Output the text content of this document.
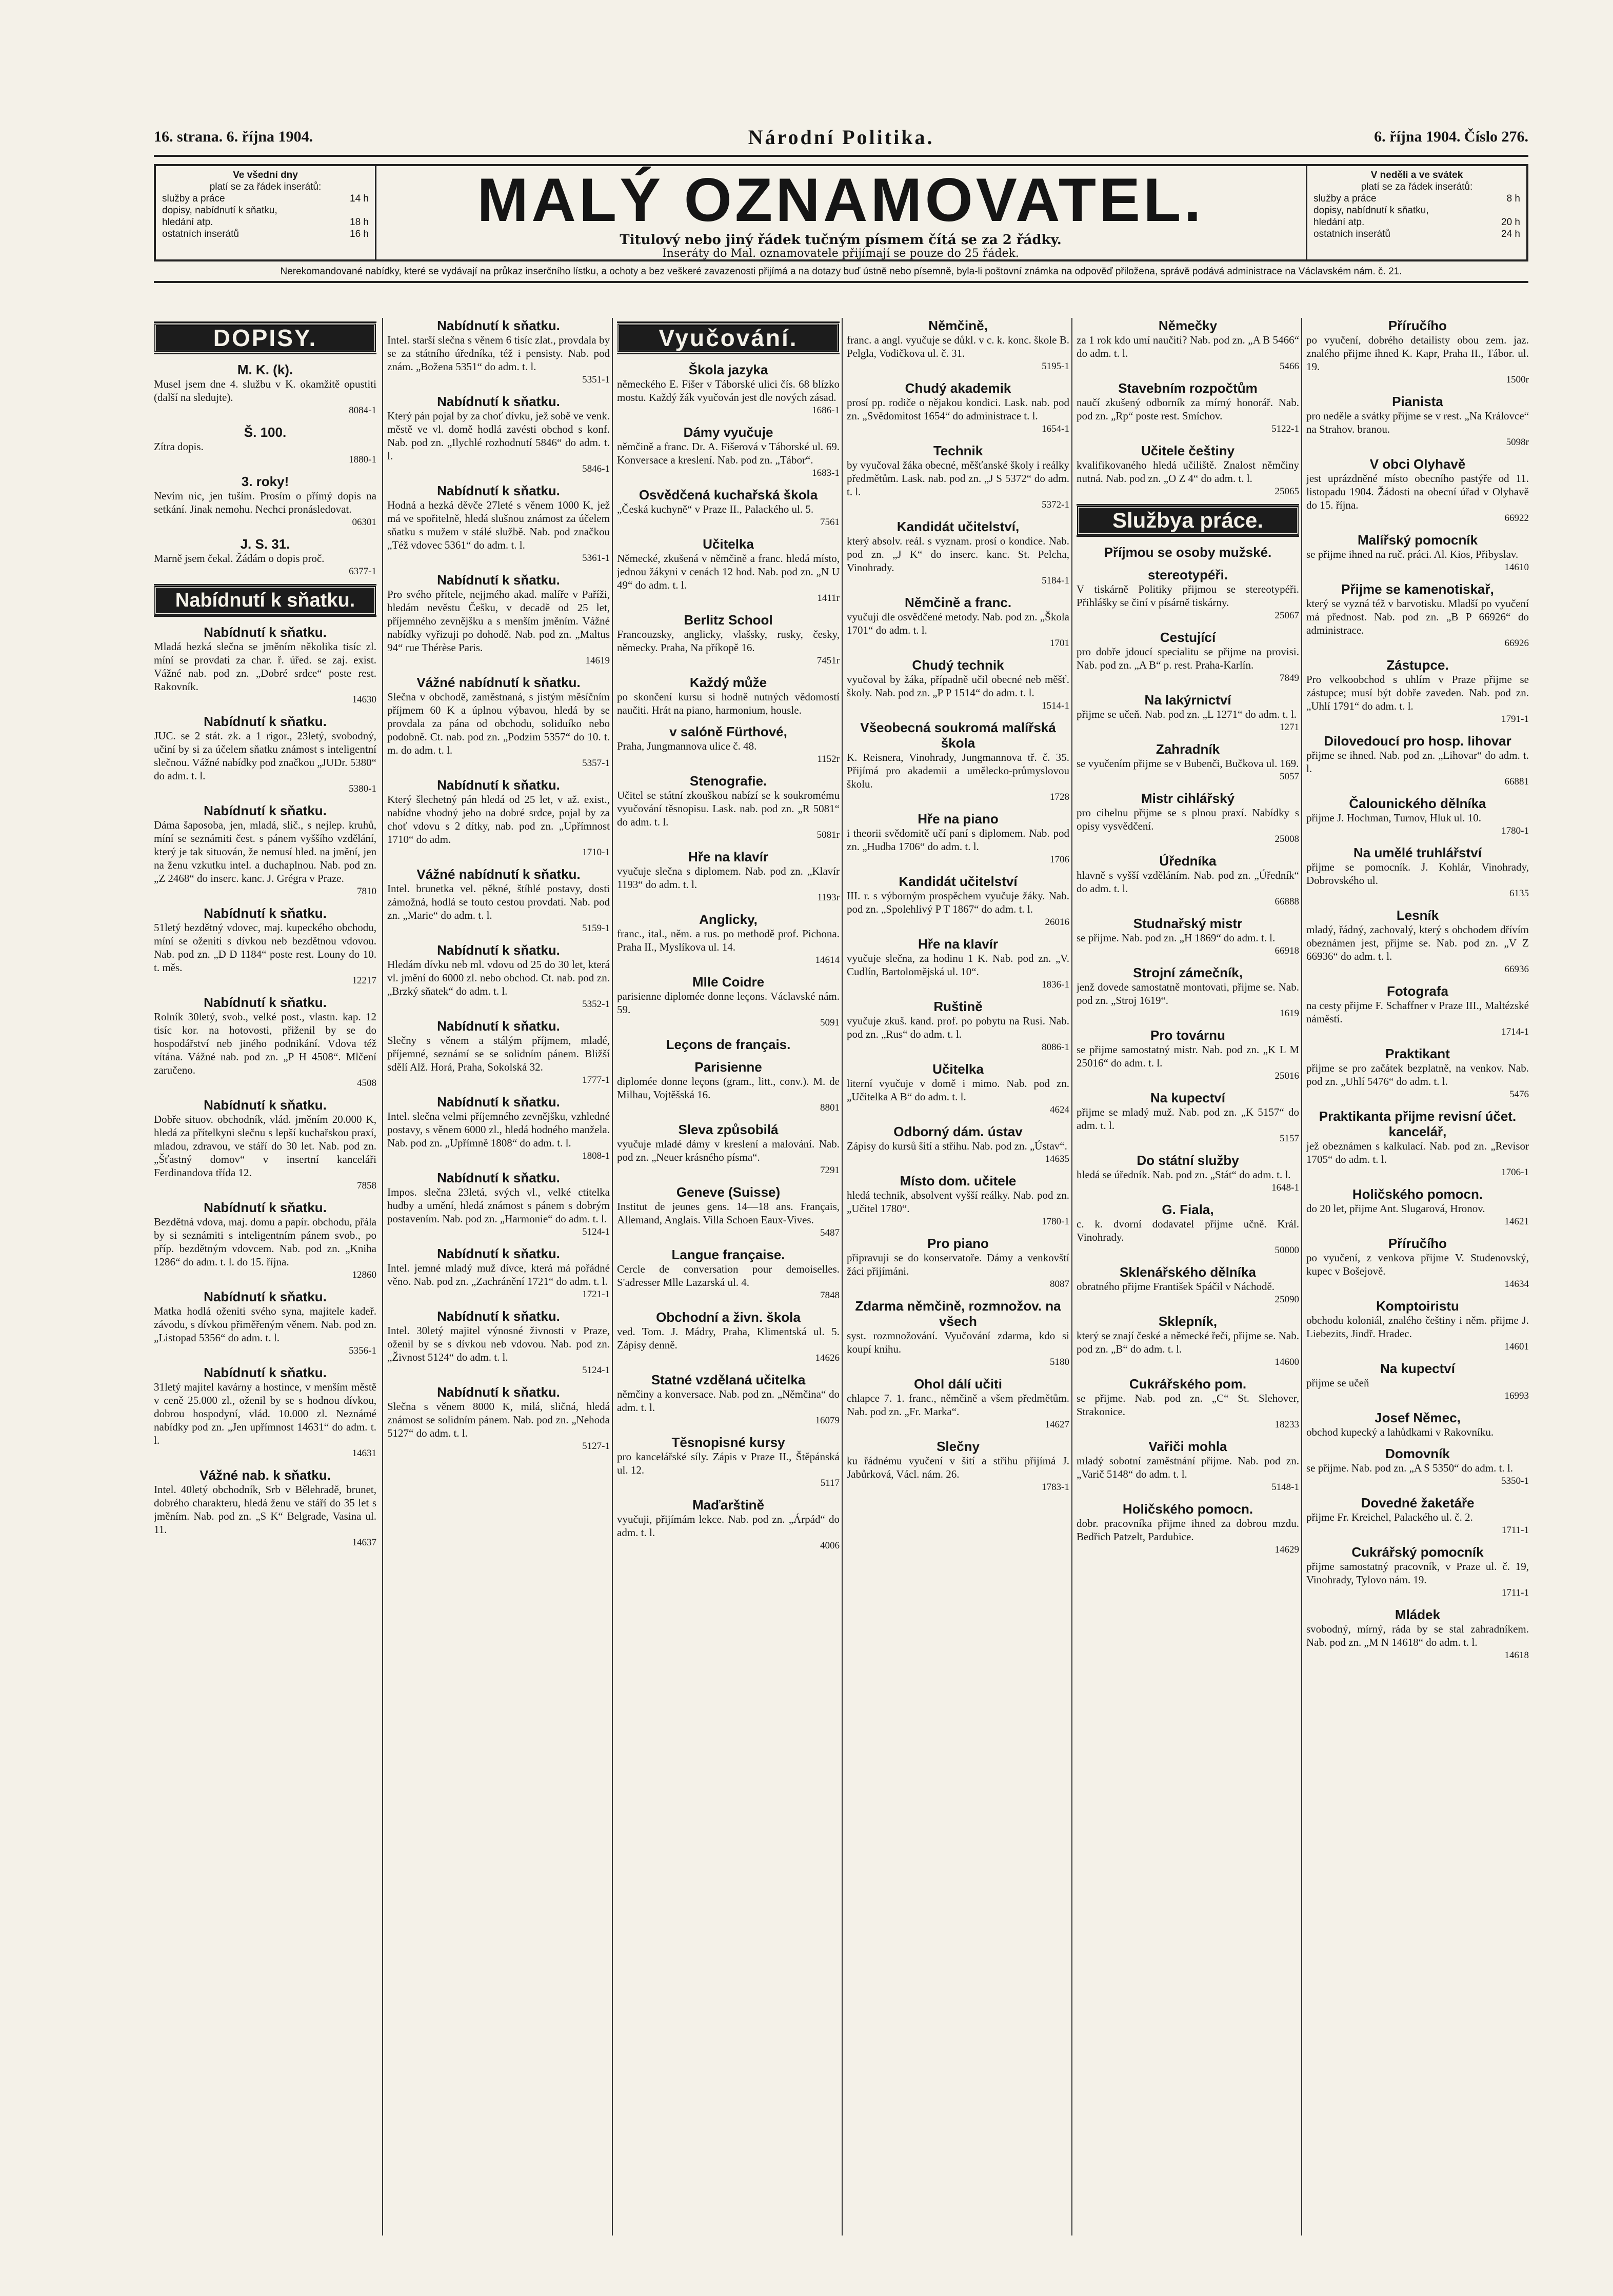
16. strana. 6. října 1904.	Národní Politika.	6. října 1904. Číslo 276.
Ve všední dny
platí se za řádek inserátů:
služby a práce	14 h
dopisy, nabídnutí k sňatku,
hledání atp.	18 h
ostatních inserátů	16 h	MALÝ OZNAMOVATEL.
Titulový nebo jiný řádek tučným písmem čítá se za 2 řádky.
Inseráty do Mal. oznamovatele přijímají se pouze do 25 řádek.
V neděli a ve svátek
platí se za řádek inserátů:
služby a práce	8 h
dopisy, nabídnutí k sňatku,
hledání atp.	20 h
ostatních inserátů	24 h
Nerekomandované nabídky, které se vydávají na průkaz inserčního lístku, a ochoty a bez veškeré zavazenosti přijímá a na dotazy buď ústně nebo písemně, byla-li poštovní známka na odpověď přiložena, správě podává administrace na Václavském nám. č. 21.
DOPISY.
M. K. (k).
Musel jsem dne 4. službu v K. okamžitě opustiti (další na sledujte).
8084-1
Š. 100.
Zítra dopis.
1880-1
3. roky!
Nevím nic, jen tuším. Prosím o přímý dopis na setkání. Jinak nemohu. Nechci pronásledovat.
06301
J. S. 31.
Marně jsem čekal. Žádám o dopis proč.
6377-1
Nabídnutí k sňatku.
Nabídnutí k sňatku.
Mladá hezká slečna se jměním několika tisíc zl. míní se provdati za char. ř. úřed. se zaj. exist. Vážné nab. pod zn. „Dobré srdce“ poste rest. Rakovník.
14630
Nabídnutí k sňatku.
JUC. se 2 stát. zk. a 1 rigor., 23letý, svobodný, učiní by si za účelem sňatku známost s inteligentní slečnou. Vážné nabídky pod značkou „JUDr. 5380“ do adm. t. l.
5380-1
Nabídnutí k sňatku.
Dáma šaposoba, jen, mladá, slič., s nejlep. kruhů, míní se seznámiti čest. s pánem vyššího vzdělání, který je tak situován, že nemusí hled. na jmění, jen na ženu vzkutku intel. a duchaplnou. Nab. pod zn. „Z 2468“ do inserc. kanc. J. Grégra v Praze.
7810
Nabídnutí k sňatku.
51letý bezdětný vdovec, maj. kupeckého obchodu, míní se oženiti s dívkou neb bezdětnou vdovou. Nab. pod zn. „D D 1184“ poste rest. Louny do 10. t. měs.
12217
Nabídnutí k sňatku.
Rolník 30letý, svob., velké post., vlastn. kap. 12 tisíc kor. na hotovosti, přiženil by se do hospodářství neb jiného podnikání. Vdova též vítána. Vážné nab. pod zn. „P H 4508“. Mlčení zaručeno.
4508
Nabídnutí k sňatku.
Dobře situov. obchodník, vlád. jměním 20.000 K, hledá za přítelkyni slečnu s lepší kuchařskou praxí, mladou, zdravou, ve stáří do 30 let. Nab. pod zn. „Šťastný domov“ v insertní kanceláři Ferdinandova třída 12.
7858
Nabídnutí k sňatku.
Bezdětná vdova, maj. domu a papír. obchodu, přála by si seznámiti s inteligentním pánem svob., po příp. bezdětným vdovcem. Nab. pod zn. „Kniha 1286“ do adm. t. l. do 15. října.
12860
Nabídnutí k sňatku.
Matka hodlá oženiti svého syna, majitele kadeř. závodu, s dívkou přiměřeným věnem. Nab. pod zn. „Listopad 5356“ do adm. t. l.
5356-1
Nabídnutí k sňatku.
31letý majitel kavárny a hostince, v menším městě v ceně 25.000 zl., oženil by se s hodnou dívkou, dobrou hospodyní, vlád. 10.000 zl. Neznámé nabídky pod zn. „Jen upřímnost 14631“ do adm. t. l.
14631
Vážné nab. k sňatku.
Intel. 40letý obchodník, Srb v Bělehradě, brunet, dobrého charakteru, hledá ženu ve stáří do 35 let s jměním. Nab. pod zn. „S K“ Belgrade, Vasina ul. 11.
14637
Nabídnutí k sňatku.
Intel. starší slečna s věnem 6 tisíc zlat., provdala by se za státního úředníka, též i pensisty. Nab. pod znám. „Božena 5351“ do adm. t. l.
5351-1
Nabídnutí k sňatku.
Který pán pojal by za choť dívku, jež sobě ve venk. městě ve vl. domě hodlá zavésti obchod s konf. Nab. pod zn. „Ilychlé rozhodnutí 5846“ do adm. t. l.
5846-1
Nabídnutí k sňatku.
Hodná a hezká děvče 27leté s věnem 1000 K, jež má ve spořitelně, hledá slušnou známost za účelem sňatku s mužem v stálé službě. Nab. pod značkou „Též vdovec 5361“ do adm. t. l.
5361-1
Nabídnutí k sňatku.
Pro svého přítele, nejjmého akad. malíře v Paříži, hledám nevěstu Češku, v decadě od 25 let, příjemného zevnějšku a s menším jměním. Vážné nabídky vyřizuji po dohodě. Nab. pod zn. „Maltus 94“ rue Thérèse Paris.
14619
Vážné nabídnutí k sňatku.
Slečna v obchodě, zaměstnaná, s jistým měsíčním příjmem 60 K a úplnou výbavou, hledá by se provdala za pána od obchodu, soliduíko nebo podobně. Ct. nab. pod zn. „Podzim 5357“ do 10. t. m. do adm. t. l.
5357-1
Nabídnutí k sňatku.
Který šlechetný pán hledá od 25 let, v až. exist., nabídne vhodný jeho na dobré srdce, pojal by za choť vdovu s 2 dítky, nab. pod zn. „Upřímnost 1710“ do adm.
1710-1
Vážné nabídnutí k sňatku.
Intel. brunetka vel. pěkné, štíhlé postavy, dosti zámožná, hodlá se touto cestou provdati. Nab. pod zn. „Marie“ do adm. t. l.
5159-1
Nabídnutí k sňatku.
Hledám dívku neb ml. vdovu od 25 do 30 let, která vl. jmění do 6000 zl. nebo obchod. Ct. nab. pod zn. „Brzký sňatek“ do adm. t. l.
5352-1
Nabídnutí k sňatku.
Slečny s věnem a stálým příjmem, mladé, příjemné, seznámí se se solidním pánem. Bližší sdělí Alž. Horá, Praha, Sokolská 32.
1777-1
Nabídnutí k sňatku.
Intel. slečna velmi příjemného zevnějšku, vzhledné postavy, s věnem 6000 zl., hledá hodného manžela. Nab. pod zn. „Upřímně 1808“ do adm. t. l.
1808-1
Nabídnutí k sňatku.
Impos. slečna 23letá, svých vl., velké ctitelka hudby a umění, hledá známost s pánem s dobrým postavením. Nab. pod zn. „Harmonie“ do adm. t. l.
5124-1
Nabídnutí k sňatku.
Intel. jemné mladý muž dívce, která má pořádné věno. Nab. pod zn. „Zachránění 1721“ do adm. t. l.
1721-1
Nabídnutí k sňatku.
Intel. 30letý majitel výnosné živnosti v Praze, oženil by se s dívkou neb vdovou. Nab. pod zn. „Živnost 5124“ do adm. t. l.
5124-1
Nabídnutí k sňatku.
Slečna s věnem 8000 K, milá, sličná, hledá známost se solidním pánem. Nab. pod zn. „Nehoda 5127“ do adm. t. l.
5127-1
Vyučování.
Škola jazyka
německého E. Fišer v Táborské ulici čís. 68 blízko mostu. Každý žák vyučován jest dle nových zásad.
1686-1
Dámy vyučuje
němčině a franc. Dr. A. Fišerová v Táborské ul. 69. Konversace a kreslení. Nab. pod zn. „Tábor“.
1683-1
Osvědčená kuchařská škola
„Česká kuchyně“ v Praze II., Palackého ul. 5.
7561
Učitelka
Německé, zkušená v němčině a franc. hledá místo, jednou žákyni v cenách 12 hod. Nab. pod zn. „N U 49“ do adm. t. l.
1411r
Berlitz School
Francouzsky, anglicky, vlašsky, rusky, česky, německy. Praha, Na příkopě 16.
7451r
Každý může
po skončení kursu si hodně nutných vědomostí naučiti. Hrát na piano, harmonium, housle.
v salóně Fürthové,
Praha, Jungmannova ulice č. 48.
1152r
Stenografie.
Učitel se státní zkouškou nabízí se k soukromému vyučování těsnopisu. Lask. nab. pod zn. „R 5081“ do adm. t. l.
5081r
Hře na klavír
vyučuje slečna s diplomem. Nab. pod zn. „Klavír 1193“ do adm. t. l.
1193r
Anglicky,
franc., ital., něm. a rus. po methodě prof. Pichona. Praha II., Myslíkova ul. 14.
14614
Mlle Coidre
parisienne diplomée donne leçons. Václavské nám. 59.
5091
Leçons de français.
Parisienne
diplomée donne leçons (gram., litt., conv.). M. de Milhau, Vojtěšská 16.
8801
Sleva způsobilá
vyučuje mladé dámy v kreslení a malování. Nab. pod zn. „Neuer krásného písma“.
7291
Geneve (Suisse)
Institut de jeunes gens. 14—18 ans. Français, Allemand, Anglais. Villa Schoen Eaux-Vives.
5487
Langue française.
Cercle de conversation pour demoiselles. S'adresser Mlle Lazarská ul. 4.
7848
Obchodní a živn. škola
ved. Tom. J. Mádry, Praha, Klimentská ul. 5. Zápisy denně.
14626
Statné vzdělaná učitelka
němčiny a konversace. Nab. pod zn. „Němčina“ do adm. t. l.
16079
Těsnopisné kursy
pro kancelářské síly. Zápis v Praze II., Štěpánská ul. 12.
5117
Maďarštině
vyučuji, přijímám lekce. Nab. pod zn. „Árpád“ do adm. t. l.
4006
Němčině,
franc. a angl. vyučuje se důkl. v c. k. konc. škole B. Pelgla, Vodičkova ul. č. 31.
5195-1
Chudý akademik
prosí pp. rodiče o nějakou kondici. Lask. nab. pod zn. „Svědomitost 1654“ do administrace t. l.
1654-1
Technik
by vyučoval žáka obecné, měšťanské školy i reálky předmětům. Lask. nab. pod zn. „J S 5372“ do adm. t. l.
5372-1
Kandidát učitelství,
který absolv. reál. s vyznam. prosí o kondice. Nab. pod zn. „J K“ do inserc. kanc. St. Pelcha, Vinohrady.
5184-1
Němčině a franc.
vyučuji dle osvědčené metody. Nab. pod zn. „Škola 1701“ do adm. t. l.
1701
Chudý technik
vyučoval by žáka, případně učil obecné neb měšť. školy. Nab. pod zn. „P P 1514“ do adm. t. l.
1514-1
Všeobecná soukromá malířská škola
K. Reisnera, Vinohrady, Jungmannova tř. č. 35. Přijímá pro akademii a umělecko-průmyslovou školu.
1728
Hře na piano
i theorii svědomitě učí paní s diplomem. Nab. pod zn. „Hudba 1706“ do adm. t. l.
1706
Kandidát učitelství
III. r. s výborným prospěchem vyučuje žáky. Nab. pod zn. „Spolehlivý P T 1867“ do adm. t. l.
26016
Hře na klavír
vyučuje slečna, za hodinu 1 K. Nab. pod zn. „V. Cudlín, Bartolomějská ul. 10“.
1836-1
Ruštině
vyučuje zkuš. kand. prof. po pobytu na Rusi. Nab. pod zn. „Rus“ do adm. t. l.
8086-1
Učitelka
literní vyučuje v domě i mimo. Nab. pod zn. „Učitelka A B“ do adm. t. l.
4624
Odborný dám. ústav
Zápisy do kursů šití a střihu. Nab. pod zn. „Ústav“.
14635
Místo dom. učitele
hledá technik, absolvent vyšší reálky. Nab. pod zn. „Učitel 1780“.
1780-1
Pro piano
připravuji se do konservatoře. Dámy a venkovští žáci přijímáni.
8087
Zdarma němčině, rozmnožov. na všech
syst. rozmnožování. Vyučování zdarma, kdo si koupí knihu.
5180
Ohol dálí učiti
chlapce 7. 1. franc., němčině a všem předmětům. Nab. pod zn. „Fr. Marka“.
14627
Slečny
ku řádnému vyučení v šití a střihu přijímá J. Jabůrková, Václ. nám. 26.
1783-1
Němečky
za 1 rok kdo umí naučiti? Nab. pod zn. „A B 5466“ do adm. t. l.
5466
Stavebním rozpočtům
naučí zkušený odborník za mírný honorář. Nab. pod zn. „Rp“ poste rest. Smíchov.
5122-1
Učitele češtiny
kvalifikovaného hledá učiliště. Znalost němčiny nutná. Nab. pod zn. „O Z 4“ do adm. t. l.
25065
Službya práce.
Příjmou se osoby mužské.
stereotypéři.
V tiskárně Politiky přijmou se stereotypéři. Přihlášky se činí v písárně tiskárny.
25067
Cestující
pro dobře jdoucí specialitu se přijme na provisi. Nab. pod zn. „A B“ p. rest. Praha-Karlín.
7849
Na lakýrnictví
přijme se učeň. Nab. pod zn. „L 1271“ do adm. t. l.
1271
Zahradník
se vyučením přijme se v Bubenči, Bučkova ul. 169.
5057
Mistr cihlářský
pro cihelnu přijme se s plnou praxí. Nabídky s opisy vysvědčení.
25008
Úředníka
hlavně s vyšší vzděláním. Nab. pod zn. „Úředník“ do adm. t. l.
66888
Studnařský mistr
se přijme. Nab. pod zn. „H 1869“ do adm. t. l.
66918
Strojní zámečník,
jenž dovede samostatně montovati, přijme se. Nab. pod zn. „Stroj 1619“.
1619
Pro továrnu
se přijme samostatný mistr. Nab. pod zn. „K L M 25016“ do adm. t. l.
25016
Na kupectví
přijme se mladý muž. Nab. pod zn. „K 5157“ do adm. t. l.
5157
Do státní služby
hledá se úředník. Nab. pod zn. „Stát“ do adm. t. l.
1648-1
G. Fiala,
c. k. dvorní dodavatel přijme učně. Král. Vinohrady.
50000
Sklenářského dělníka
obratného přijme František Spáčil v Náchodě.
25090
Sklepník,
který se znají české a německé řeči, přijme se. Nab. pod zn. „B“ do adm. t. l.
14600
Cukrářského pom.
se přijme. Nab. pod zn. „C“ St. Slehover, Strakonice.
18233
Vařiči mohla
mladý sobotní zaměstnání přijme. Nab. pod zn. „Varič 5148“ do adm. t. l.
5148-1
Holičského pomocn.
dobr. pracovníka přijme ihned za dobrou mzdu. Bedřich Patzelt, Pardubice.
14629
Příručího
po vyučení, dobrého detailisty obou zem. jaz. znalého přijme ihned K. Kapr, Praha II., Tábor. ul. 19.
1500r
Pianista
pro neděle a svátky přijme se v rest. „Na Královce“ na Strahov. branou.
5098r
V obci Olyhavě
jest uprázdněné místo obecního pastýře od 11. listopadu 1904. Žádosti na obecní úřad v Olyhavě do 15. října.
66922
Malířský pomocník
se přijme ihned na ruč. práci. Al. Kios, Přibyslav.
14610
Přijme se kamenotiskař,
který se vyzná též v barvotisku. Mladší po vyučení má přednost. Nab. pod zn. „B P 66926“ do administrace.
66926
Zástupce.
Pro velkoobchod s uhlím v Praze přijme se zástupce; musí být dobře zaveden. Nab. pod zn. „Uhlí 1791“ do adm. t. l.
1791-1
Dilovedoucí pro hosp. lihovar
přijme se ihned. Nab. pod zn. „Lihovar“ do adm. t. l.
66881
Čalounického dělníka
přijme J. Hochman, Turnov, Hluk ul. 10.
1780-1
Na umělé truhlářství
přijme se pomocník. J. Kohlár, Vinohrady, Dobrovského ul.
6135
Lesník
mladý, řádný, zachovalý, který s obchodem dřívím obeznámen jest, přijme se. Nab. pod zn. „V Z 66936“ do adm. t. l.
66936
Fotografa
na cesty přijme F. Schaffner v Praze III., Maltézské náměstí.
1714-1
Praktikant
přijme se pro začátek bezplatně, na venkov. Nab. pod zn. „Uhlí 5476“ do adm. t. l.
5476
Praktikanta přijme revisní účet. kancelář,
jež obeznámen s kalkulací. Nab. pod zn. „Revisor 1705“ do adm. t. l.
1706-1
Holičského pomocn.
do 20 let, přijme Ant. Slugarová, Hronov.
14621
Příručího
po vyučení, z venkova přijme V. Studenovský, kupec v Bošejově.
14634
Komptoiristu
obchodu koloniál, znalého češtiny i něm. přijme J. Liebezits, Jindř. Hradec.
14601
Na kupectví
přijme se učeň
16993
Josef Němec,
obchod kupecký a lahůdkami v Rakovníku.
Domovník
se přijme. Nab. pod zn. „A S 5350“ do adm. t. l.
5350-1
Dovedné žaketáře
přijme Fr. Kreichel, Palackého ul. č. 2.
1711-1
Cukrářský pomocník
přijme samostatný pracovník, v Praze ul. č. 19, Vinohrady, Tylovo nám. 19.
1711-1
Mládek
svobodný, mírný, ráda by se stal zahradníkem. Nab. pod zn. „M N 14618“ do adm. t. l.
14618
